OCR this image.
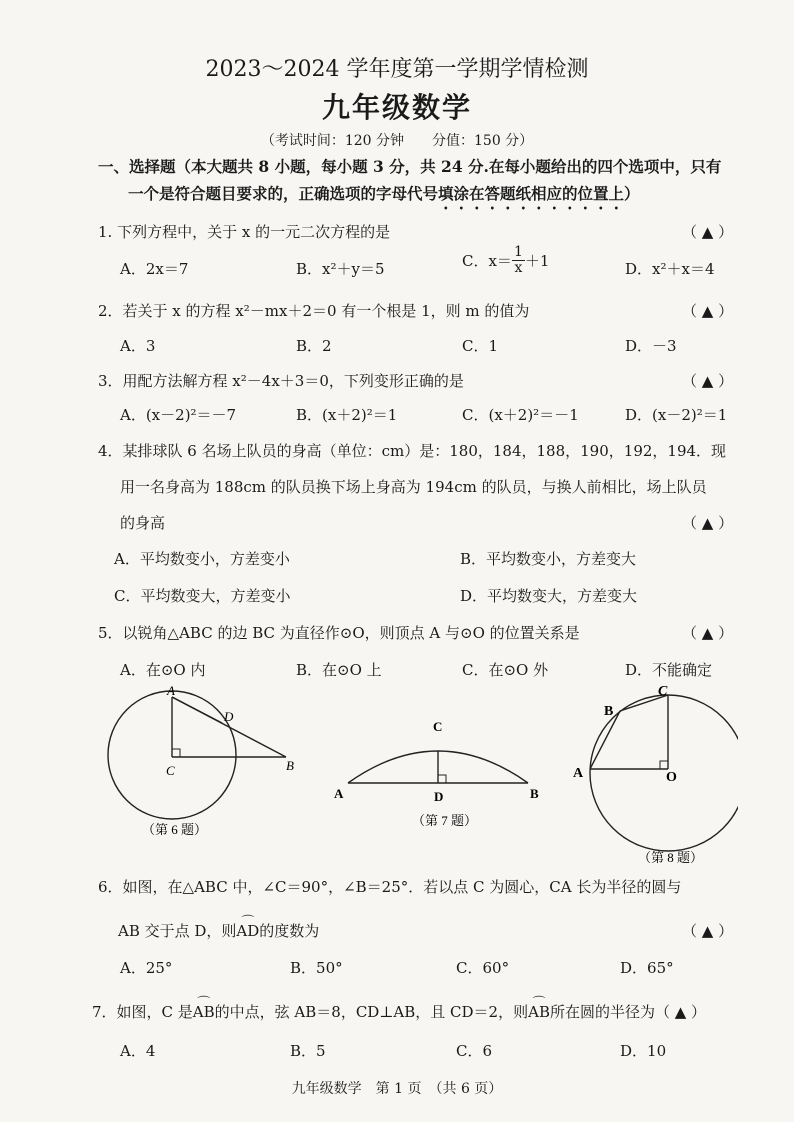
2023～2024 学年度第一学期学情检测
九年级数学
（考试时间：120 分钟　　分值：150 分）
一、选择题（本大题共 8 小题，每小题 3 分，共 24 分.在每小题给出的四个选项中，只有
一个是符合题目要求的，正确选项的字母代号填涂在答题纸相应的位置上）
1. 下列方程中，关于 x 的一元二次方程的是	（ ▲ ）
A．2x＝7	B．x²＋y＝5	C．$x= \frac{1}{x} +1$	D．x²＋x＝4
2．若关于 x 的方程 x²－mx＋2＝0 有一个根是 1，则 m 的值为	（ ▲ ）
A．3	B．2	C．1	D．－3
3．用配方法解方程 x²－4x＋3＝0，下列变形正确的是	（ ▲ ）
A．(x－2)²＝－7	B．(x＋2)²＝1	C．(x＋2)²＝－1	D．(x－2)²＝1
4．某排球队 6 名场上队员的身高（单位：cm）是：180，184，188，190，192，194．现
用一名身高为 188cm 的队员换下场上身高为 194cm 的队员，与换人前相比，场上队员
的身高	（ ▲ ）
A．平均数变小，方差变小	B．平均数变小，方差变大
C．平均数变大，方差变小	D．平均数变大，方差变大
5．以锐角△ABC 的边 BC 为直径作⊙O，则顶点 A 与⊙O 的位置关系是	（ ▲ ）
A．在⊙O 内	B．在⊙O 上	C．在⊙O 外	D．不能确定
A
D
C	B
（第 6 题）
C
A	D	B
（第 7 题）
C
B
A	O
（第 8 题）
6．如图，在△ABC 中，∠C＝90°，∠B＝25°．若以点 C 为圆心，CA 长为半径的圆与
AB 交于点 D，则⌒ AD的度数为	（ ▲ ）
A．25°	B．50°	C．60°	D．65°
7．如图，C 是⌒ AB的中点，弦 AB＝8，CD⊥AB，且 CD＝2，则⌒ AB所在圆的半径为（ ▲ ）
A．4	B．5	C．6	D．10
九年级数学　第 1 页　（共 6 页）
